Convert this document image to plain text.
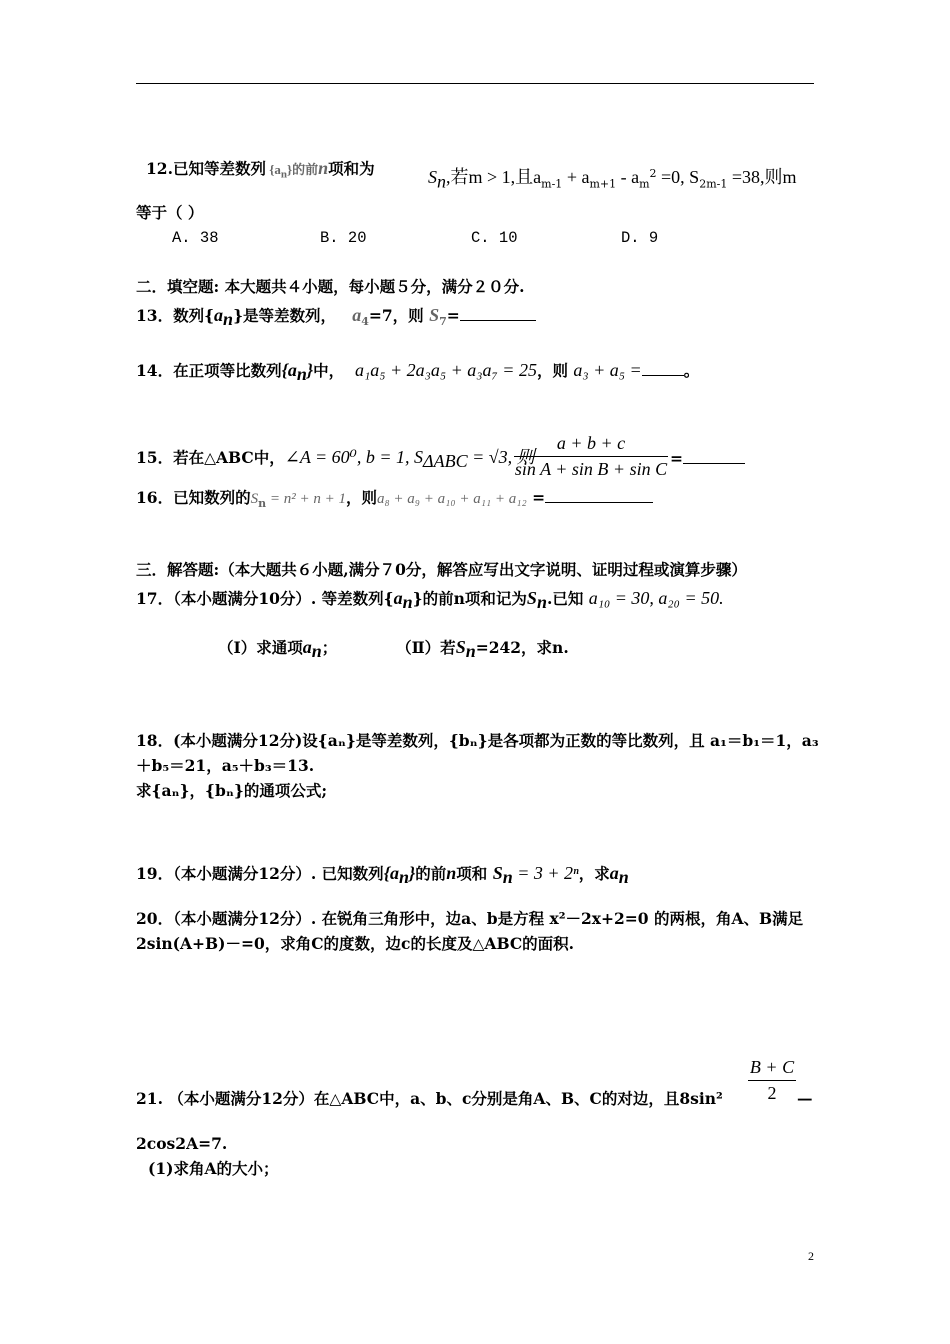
12.已知等差数列 $\{a_n\}$的前n项和为	$S_n$,若m > 1,且$a_{m-1} + a_{m+1} - a_m^2 =0$, $S_{2m-1} =38$,则m
等于（ ）
A. 38	B. 20	C. 10	D. 9
二．填空题: 本大题共４小题，每小题５分，满分２０分.
13．数列$\{a_n\}$是等差数列， $a_4=7$，则 $S_7=$
14．在正项等比数列$\{a_n\}$中， a₁a₅ + 2a₃a₅ + a₃a₇ = 25，则 a₃ + a₅ =	。
15．若在△ABC中，∠A = 60⁰, b = 1, $S_{\Delta ABC} = √3$, 则
a + b + c
sin A + sin B + sin C
=
16．已知数列的$S_n = n^2 + n + 1$，则a₈ + a₉ + a₁₀ + a₁₁ + a₁₂ =
三．解答题:（本大题共６小题,满分７0分，解答应写出文字说明、证明过程或演算步骤）
17．（本小题满分10分）. 等差数列$\{a_n\}$的前n项和记为$S_n$.已知 a₁₀ = 30, a₂₀ = 50.
（Ⅰ）求通项$a_n$；	（Ⅱ）若$S_n=242$，求n.
18．(本小题满分12分)设{aₙ}是等差数列，{bₙ}是各项都为正数的等比数列，且 a₁＝b₁＝1，a₃
＋b₅＝21，a₅＋b₃＝13.
求{aₙ}，{bₙ}的通项公式;
19．（本小题满分12分）. 已知数列$\{a_n\}$的前n项和 $S_n = 3 + 2^n$，求$a_n$
20．（本小题满分12分）. 在锐角三角形中，边a、b是方程 x²－2x+2=0 的两根，角A、B满足
2sin(A+B)－=0，求角C的度数，边c的长度及△ABC的面积.
B + C
2
21. （本小题满分12分）在△ABC中，a、b、c分别是角A、B、C的对边，且8sin²	—
2cos2A=7.
(1)求角A的大小；
2
